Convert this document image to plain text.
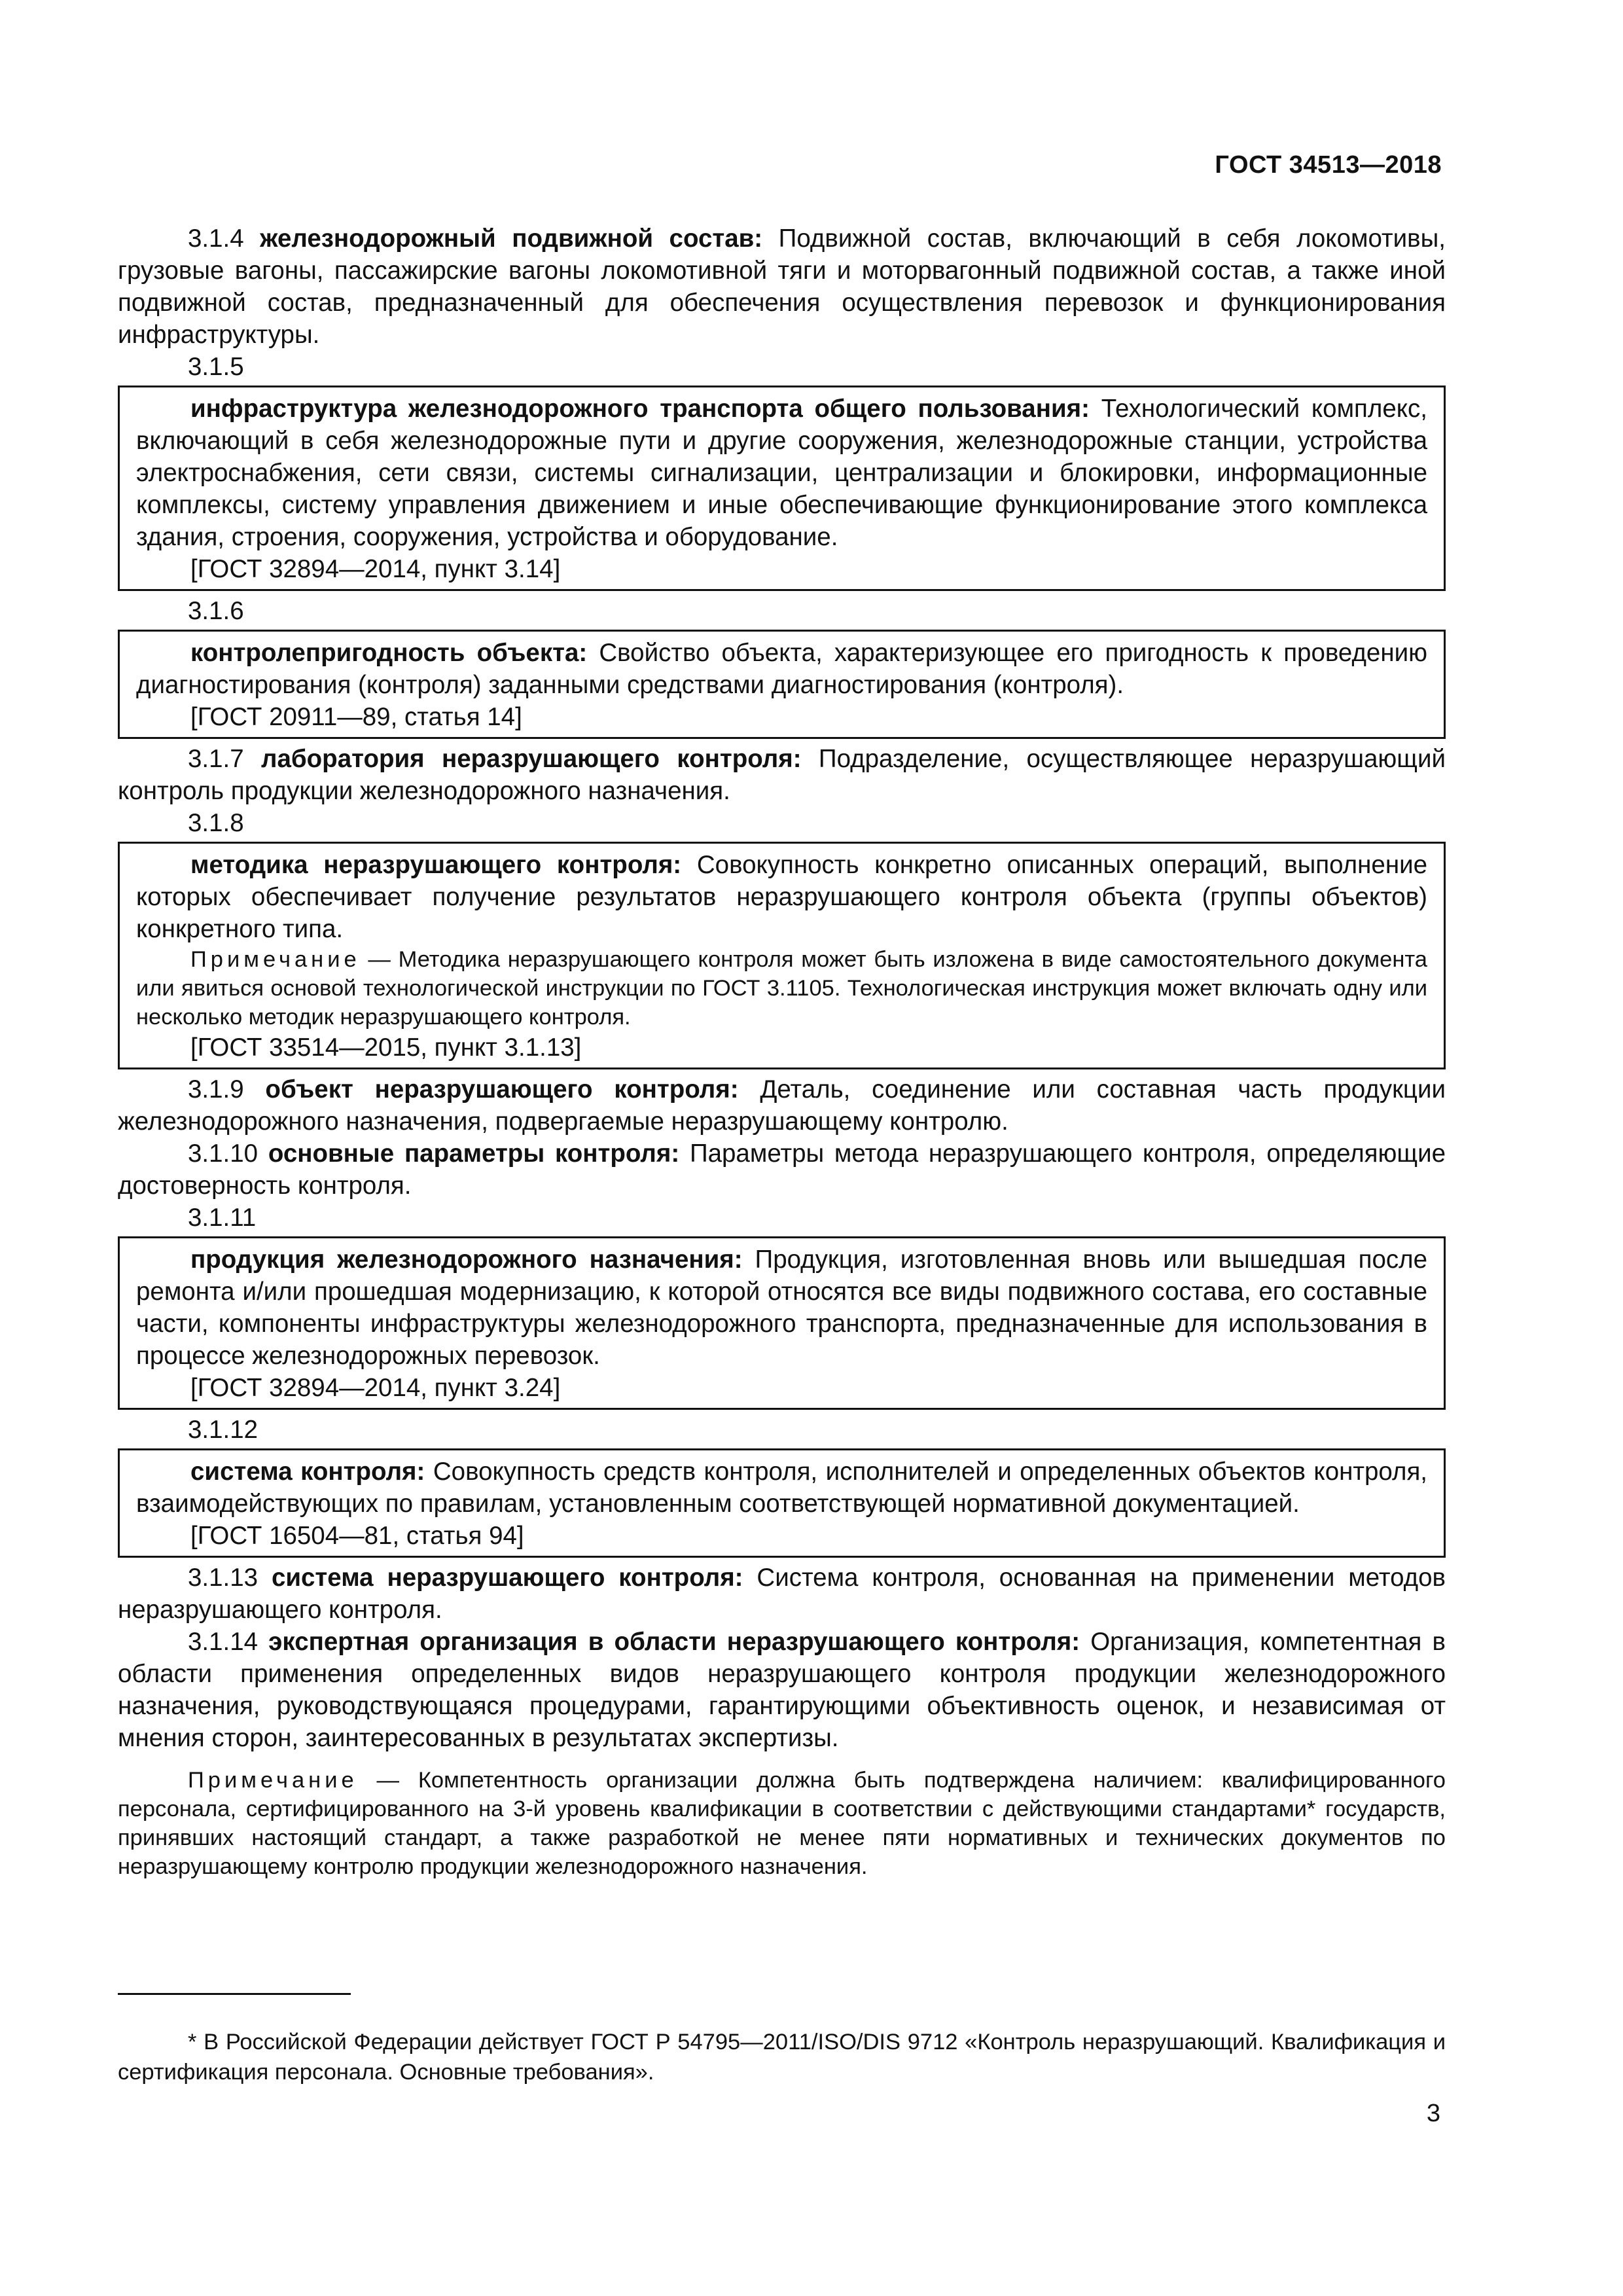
ГОСТ 34513—2018

3.1.4 железнодорожный подвижной состав: Подвижной состав, включающий в себя локомотивы, грузовые вагоны, пассажирские вагоны локомотивной тяги и моторвагонный подвижной состав, а также иной подвижной состав, предназначенный для обеспечения осуществления перевозок и функционирования инфраструктуры.

3.1.5

инфраструктура железнодорожного транспорта общего пользования: Технологический комплекс, включающий в себя железнодорожные пути и другие сооружения, железнодорожные станции, устройства электроснабжения, сети связи, системы сигнализации, централизации и блокировки, информационные комплексы, систему управления движением и иные обеспечивающие функционирование этого комплекса здания, строения, сооружения, устройства и оборудование.

[ГОСТ 32894—2014, пункт 3.14]

3.1.6

контролепригодность объекта: Свойство объекта, характеризующее его пригодность к проведению диагностирования (контроля) заданными средствами диагностирования (контроля).

[ГОСТ 20911—89, статья 14]

3.1.7 лаборатория неразрушающего контроля: Подразделение, осуществляющее неразрушающий контроль продукции железнодорожного назначения.

3.1.8

методика неразрушающего контроля: Совокупность конкретно описанных операций, выполнение которых обеспечивает получение результатов неразрушающего контроля объекта (группы объектов) конкретного типа.

Примечание — Методика неразрушающего контроля может быть изложена в виде самостоятельного документа или явиться основой технологической инструкции по ГОСТ 3.1105. Технологическая инструкция может включать одну или несколько методик неразрушающего контроля.

[ГОСТ 33514—2015, пункт 3.1.13]

3.1.9 объект неразрушающего контроля: Деталь, соединение или составная часть продукции железнодорожного назначения, подвергаемые неразрушающему контролю.

3.1.10 основные параметры контроля: Параметры метода неразрушающего контроля, определяющие достоверность контроля.

3.1.11

продукция железнодорожного назначения: Продукция, изготовленная вновь или вышедшая после ремонта и/или прошедшая модернизацию, к которой относятся все виды подвижного состава, его составные части, компоненты инфраструктуры железнодорожного транспорта, предназначенные для использования в процессе железнодорожных перевозок.

[ГОСТ 32894—2014, пункт 3.24]

3.1.12

система контроля: Совокупность средств контроля, исполнителей и определенных объектов контроля, взаимодействующих по правилам, установленным соответствующей нормативной документацией.

[ГОСТ 16504—81, статья 94]

3.1.13 система неразрушающего контроля: Система контроля, основанная на применении методов неразрушающего контроля.

3.1.14 экспертная организация в области неразрушающего контроля: Организация, компетентная в области применения определенных видов неразрушающего контроля продукции железнодорожного назначения, руководствующаяся процедурами, гарантирующими объективность оценок, и независимая от мнения сторон, заинтересованных в результатах экспертизы.

Примечание — Компетентность организации должна быть подтверждена наличием: квалифицированного персонала, сертифицированного на 3-й уровень квалификации в соответствии с действующими стандартами* государств, принявших настоящий стандарт, а также разработкой не менее пяти нормативных и технических документов по неразрушающему контролю продукции железнодорожного назначения.

* В Российской Федерации действует ГОСТ Р 54795—2011/ISO/DIS 9712 «Контроль неразрушающий. Квалификация и сертификация персонала. Основные требования».

3
